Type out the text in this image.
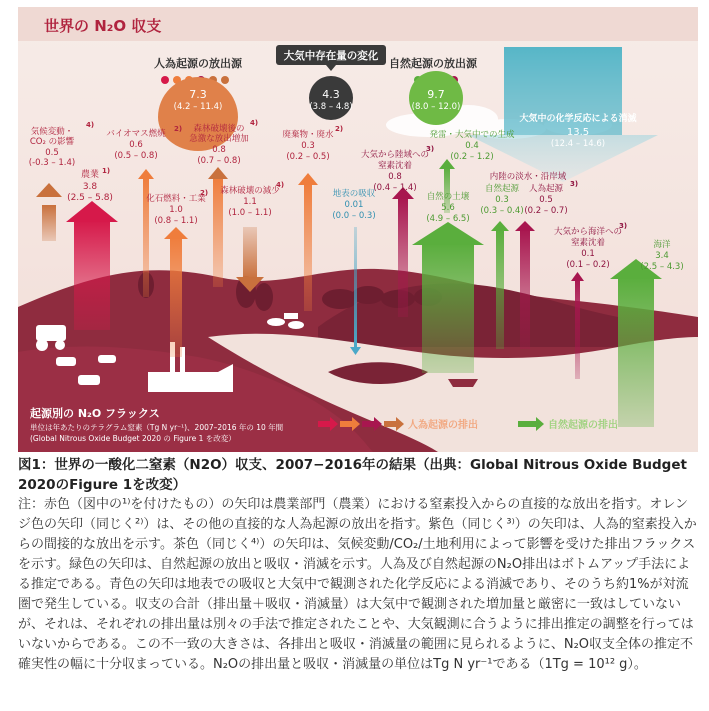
世界の N₂O 収支
人為起源の放出源
大気中存在量の変化
自然起源の放出源
7.3
(4.2 – 11.4)
4.3
(3.8 – 4.8)
9.7
(8.0 – 12.0)
大気中の化学反応による消滅
13.5
(12.4 – 14.6)
気候変動・
CO₂ の影響
4)
0.5
(-0.3 – 1.4)
農業 1)
3.8
(2.5 – 5.8)
バイオマス燃焼 2)
0.6
(0.5 – 0.8)
化石燃料・工業
2)
1.0
(0.8 – 1.1)
森林破壊後の
急激な放出増加
4)
0.8
(0.7 – 0.8)
森林破壊の減少
4)
1.1
(1.0 – 1.1)
廃棄物・廃水
2)
0.3
(0.2 – 0.5)	大気から陸域への
窒素沈着
3)
0.8
(0.4 – 1.4)
地表の吸収
0.01
(0.0 – 0.3)
発雷・大気中での生成
0.4
(0.2 – 1.2)
自然の土壌
5.6
(4.9 – 6.5)
内陸の淡水・沿岸域
自然起源 人為起源 3)
0.3
(0.3 – 0.4)
0.5
(0.2 – 0.7)
大気から海洋への
窒素沈着
3)
0.1
(0.1 – 0.2)
海洋
3.4
(2.5 – 4.3)
起源別の N₂O フラックス
単位は年あたりのテラグラム窒素（Tg N yr⁻¹)、2007–2016 年の 10 年間
(Global Nitrous Oxide Budget 2020 の Figure 1 を改変）
人為起源の排出	自然起源の排出

図1：世界の一酸化二窒素（N2O）収支、2007−2016年の結果（出典：Global Nitrous Oxide Budget 2020のFigure 1を改変）

注：赤色（図中の¹⁾を付けたもの）の矢印は農業部門（農業）における窒素投入からの直接的な放出を指す。オレンジ色の矢印（同じく²⁾）は、その他の直接的な人為起源の放出を指す。紫色（同じく³⁾）の矢印は、人為的窒素投入からの間接的な放出を示す。茶色（同じく⁴⁾）の矢印は、気候変動/CO₂/土地利用によって影響を受けた排出フラックスを示す。緑色の矢印は、自然起源の放出と吸収・消滅を示す。人為及び自然起源のN₂O排出はボトムアップ手法による推定である。青色の矢印は地表での吸収と大気中で観測された化学反応による消滅であり、そのうち約1%が対流圏で発生している。収支の合計（排出量＋吸収・消滅量）は大気中で観測された増加量と厳密に一致はしていないが、それは、それぞれの排出量は別々の手法で推定されたことや、大気観測に合うように排出推定の調整を行ってはいないからである。この不一致の大きさは、各排出と吸収・消滅量の範囲に見られるように、N₂O収支全体の推定不確実性の幅に十分収まっている。N₂Oの排出量と吸収・消滅量の単位はTg N yr⁻¹である（1Tg = 10¹² g）。
